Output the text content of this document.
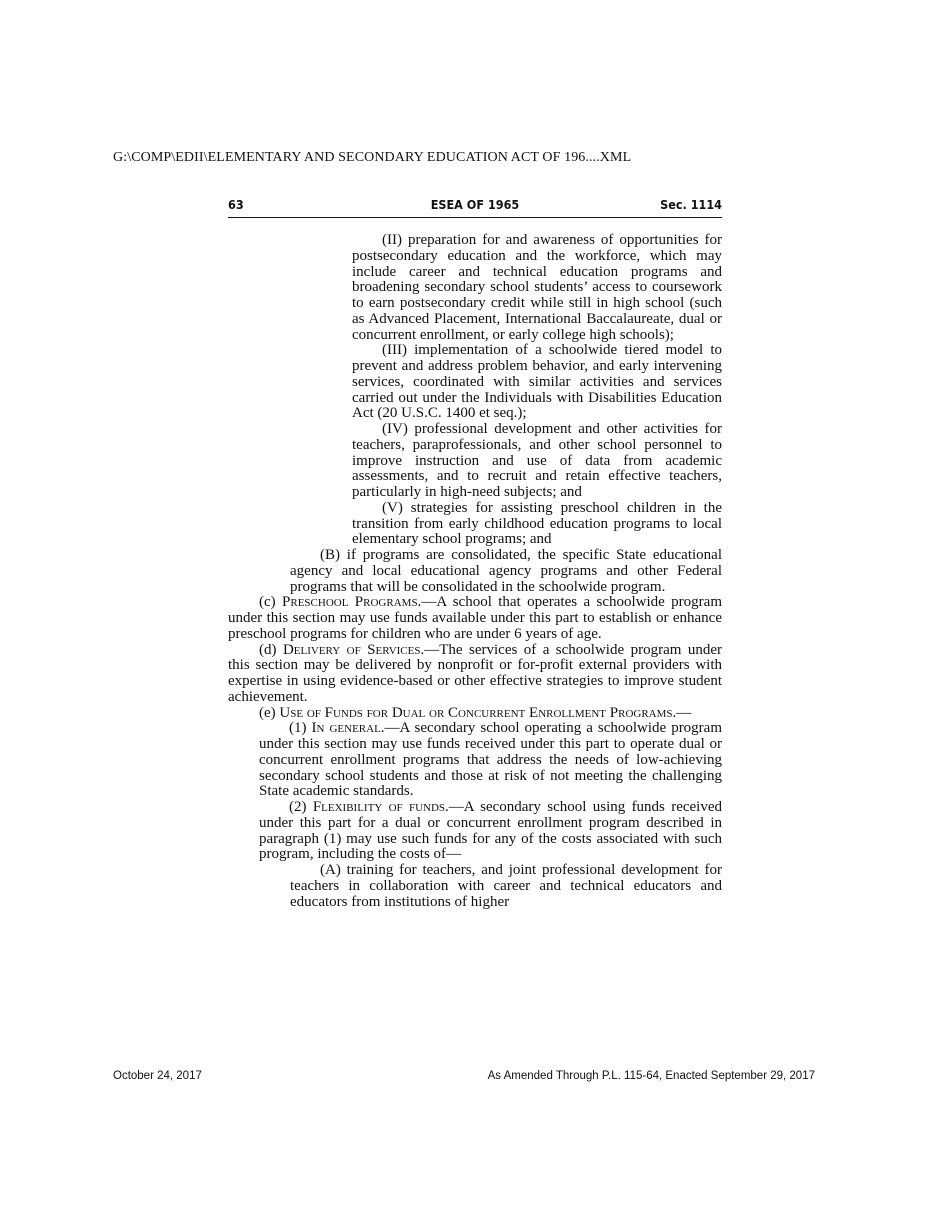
G:\COMP\EDII\ELEMENTARY AND SECONDARY EDUCATION ACT OF 196....XML
ESEA OF 1965
63	Sec. 1114

(II) preparation for and awareness of opportunities for postsecondary education and the workforce, which may include career and technical education programs and broadening secondary school students’ access to coursework to earn postsecondary credit while still in high school (such as Advanced Placement, International Baccalaureate, dual or concurrent enrollment, or early college high schools);

(III) implementation of a schoolwide tiered model to prevent and address problem behavior, and early intervening services, coordinated with similar activities and services carried out under the Individuals with Disabilities Education Act (20 U.S.C. 1400 et seq.);

(IV) professional development and other activities for teachers, paraprofessionals, and other school personnel to improve instruction and use of data from academic assessments, and to recruit and retain effective teachers, particularly in high-need subjects; and

(V) strategies for assisting preschool children in the transition from early childhood education programs to local elementary school programs; and

(B) if programs are consolidated, the specific State educational agency and local educational agency programs and other Federal programs that will be consolidated in the schoolwide program.

(c) Preschool Programs.—A school that operates a schoolwide program under this section may use funds available under this part to establish or enhance preschool programs for children who are under 6 years of age.

(d) Delivery of Services.—The services of a schoolwide program under this section may be delivered by nonprofit or for-profit external providers with expertise in using evidence-based or other effective strategies to improve student achievement.

(e) Use of Funds for Dual or Concurrent Enrollment Programs.—

(1) In general.—A secondary school operating a schoolwide program under this section may use funds received under this part to operate dual or concurrent enrollment programs that address the needs of low-achieving secondary school students and those at risk of not meeting the challenging State academic standards.

(2) Flexibility of funds.—A secondary school using funds received under this part for a dual or concurrent enrollment program described in paragraph (1) may use such funds for any of the costs associated with such program, including the costs of—

(A) training for teachers, and joint professional development for teachers in collaboration with career and technical educators and educators from institutions of higher

October 24, 2017	As Amended Through P.L. 115-64, Enacted September 29, 2017
